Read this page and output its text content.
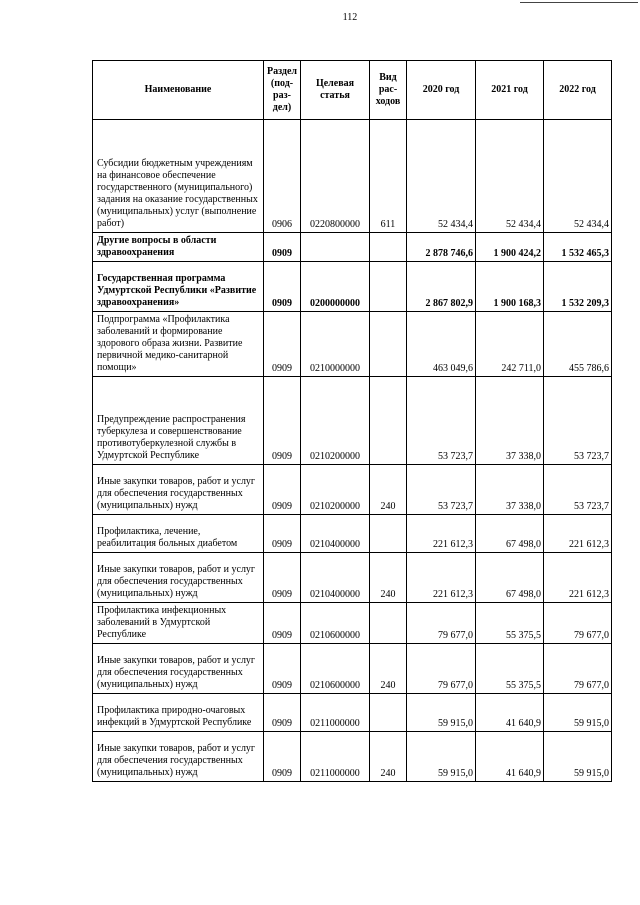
112
Наименование	Раздел (под-раз-дел)	Целевая статья	Вид рас-ходов	2020 год	2021 год	2022 год

Субсидии бюджетным учреждениям на финансовое обеспечение государственного (муниципального) задания на оказание государственных (муниципальных) услуг (выполнение работ)	0906	0220800000	611	52 434,4	52 434,4	52 434,4

Другие вопросы в области здравоохранения	0909			2 878 746,6	1 900 424,2	1 532 465,3

Государственная программа Удмуртской Республики «Развитие здравоохранения»	0909	0200000000		2 867 802,9	1 900 168,3	1 532 209,3

Подпрограмма «Профилактика заболеваний и формирование здорового образа жизни. Развитие первичной медико-санитарной помощи»	0909	0210000000		463 049,6	242 711,0	455 786,6

Предупреждение распространения туберкулеза и совершенствование противотуберкулезной службы в Удмуртской Республике	0909	0210200000		53 723,7	37 338,0	53 723,7

Иные закупки товаров, работ и услуг для обеспечения государственных (муниципальных) нужд	0909	0210200000	240	53 723,7	37 338,0	53 723,7

Профилактика, лечение, реабилитация больных диабетом	0909	0210400000		221 612,3	67 498,0	221 612,3

Иные закупки товаров, работ и услуг для обеспечения государственных (муниципальных) нужд	0909	0210400000	240	221 612,3	67 498,0	221 612,3

Профилактика инфекционных заболеваний в Удмуртской Республике	0909	0210600000		79 677,0	55 375,5	79 677,0

Иные закупки товаров, работ и услуг для обеспечения государственных (муниципальных) нужд	0909	0210600000	240	79 677,0	55 375,5	79 677,0

Профилактика природно-очаговых инфекций в Удмуртской Республике	0909	0211000000		59 915,0	41 640,9	59 915,0

Иные закупки товаров, работ и услуг для обеспечения государственных (муниципальных) нужд	0909	0211000000	240	59 915,0	41 640,9	59 915,0
